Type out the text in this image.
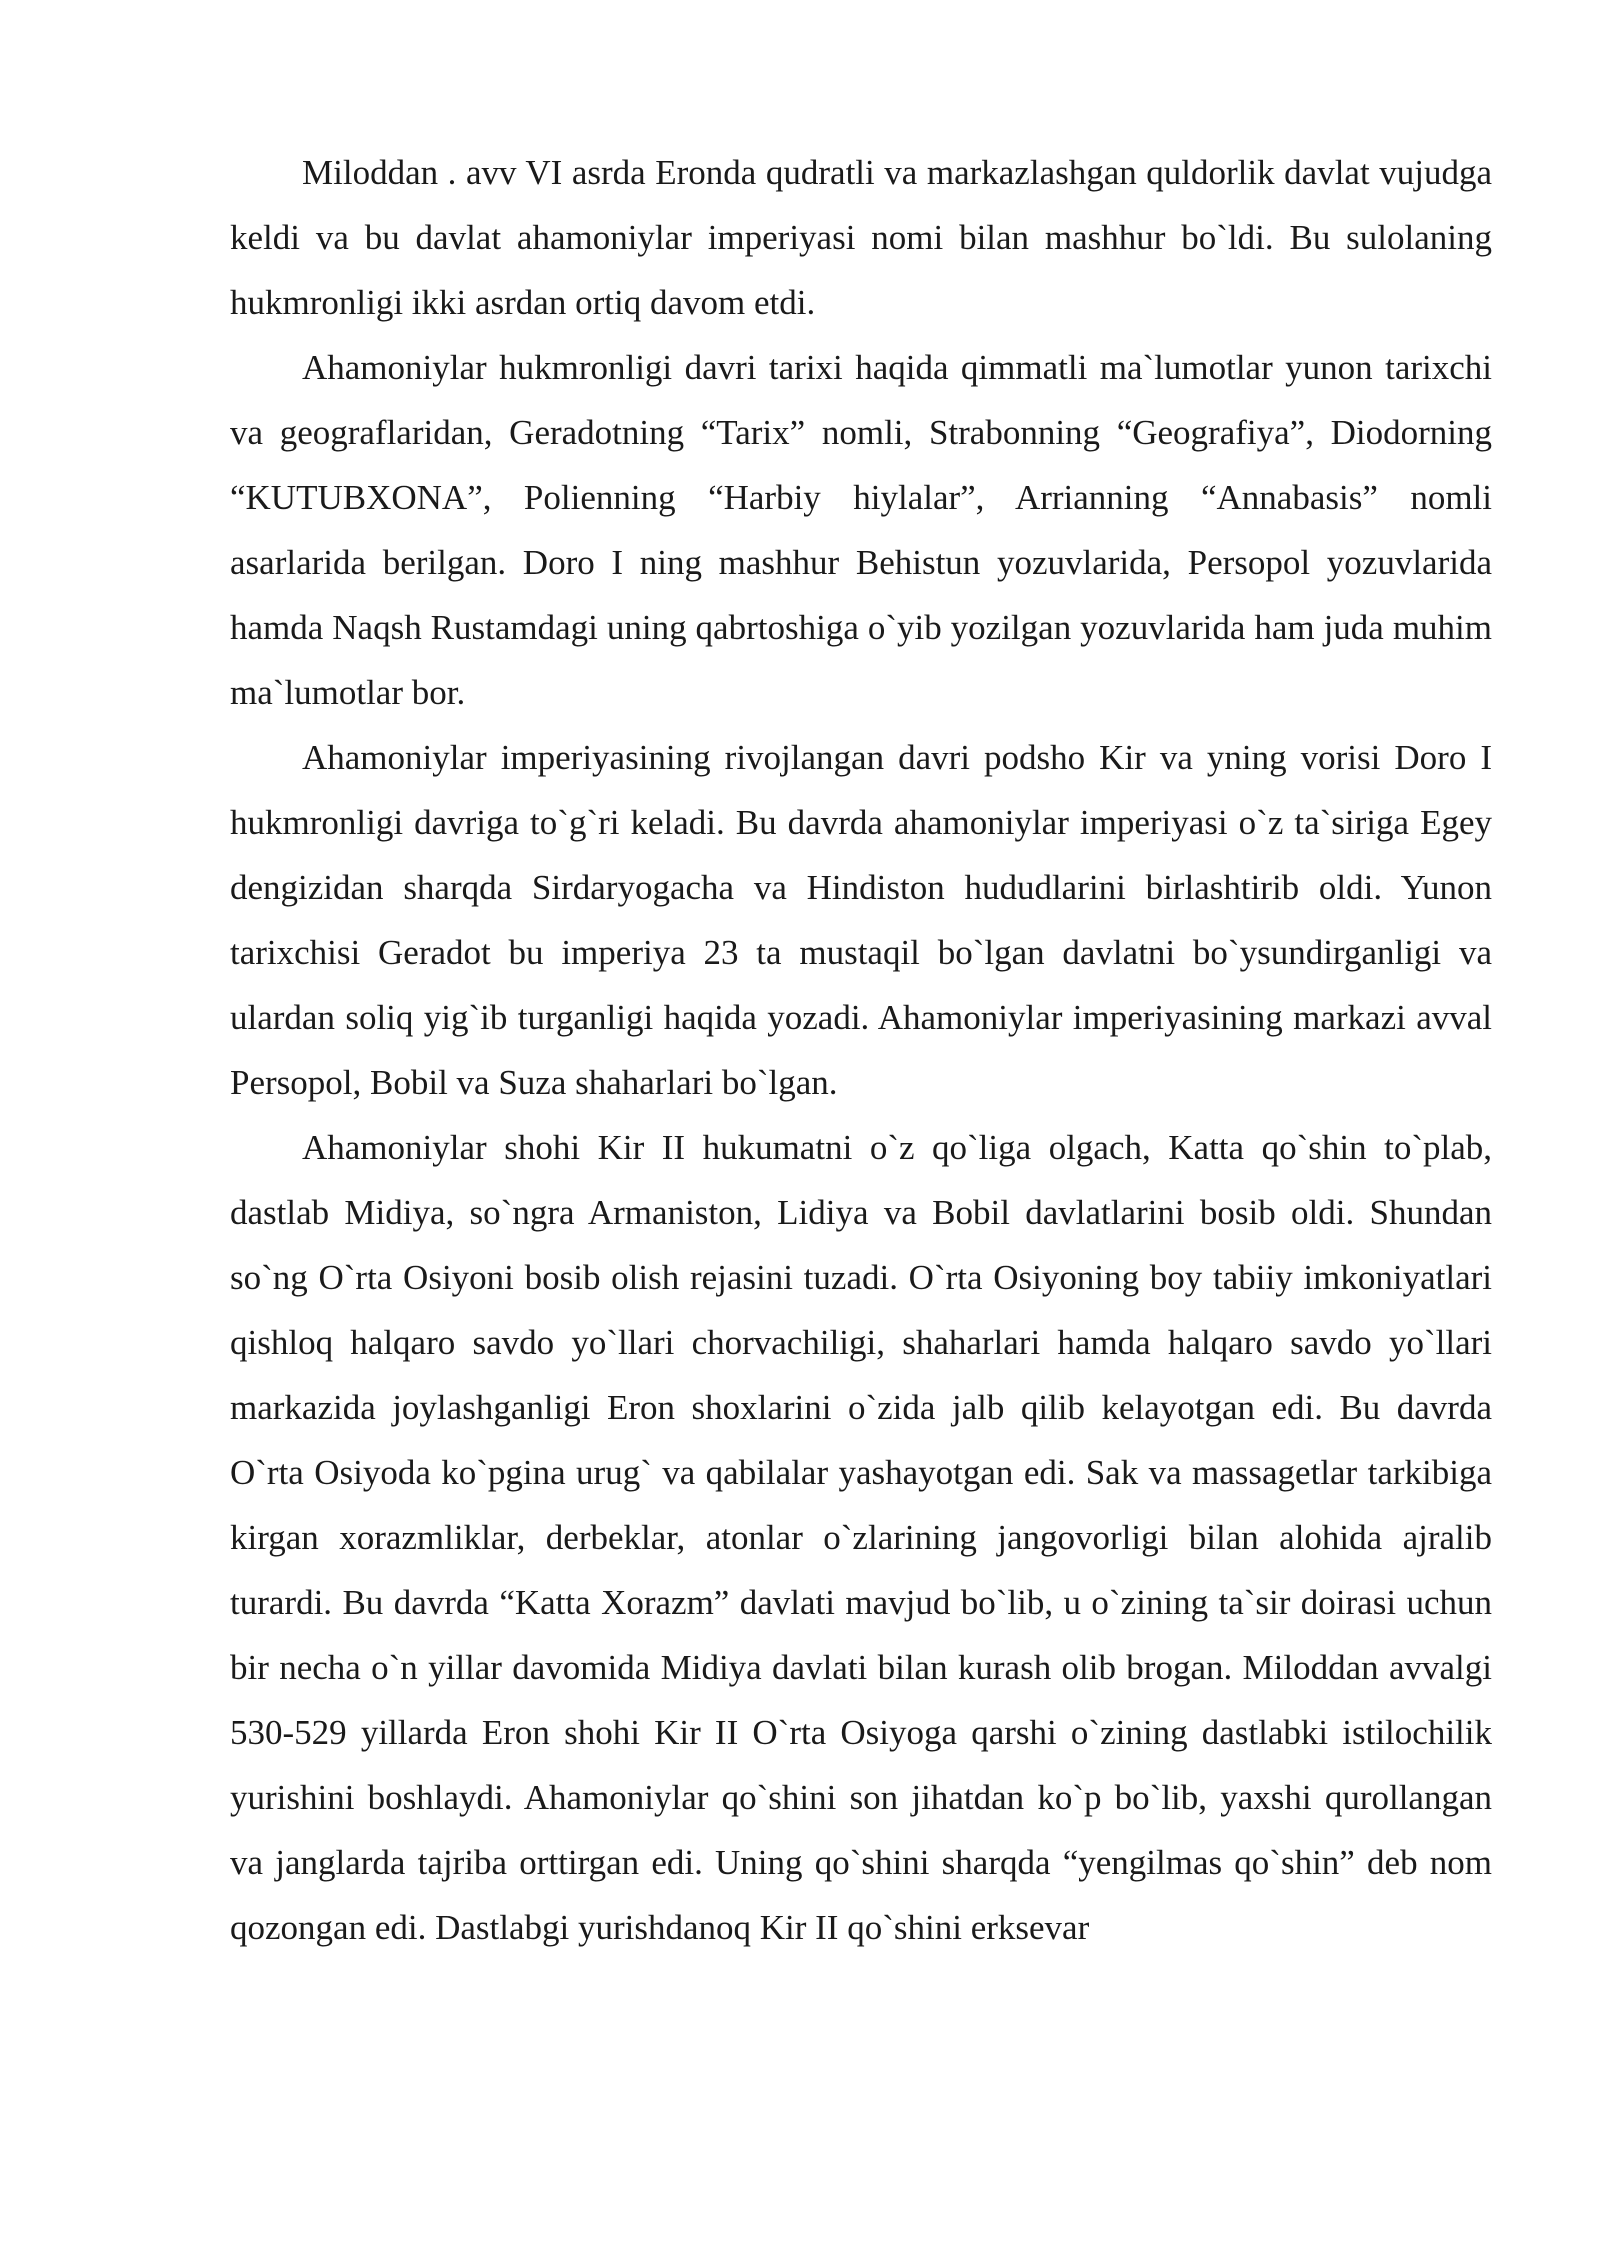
Miloddan . avv VI asrda Eronda qudratli va markazlashgan quldorlik davlat vujudga keldi va bu davlat ahamoniylar imperiyasi nomi bilan mashhur bo`ldi. Bu sulolaning hukmronligi ikki asrdan ortiq davom etdi.

Ahamoniylar hukmronligi davri tarixi haqida qimmatli ma`lumotlar yunon tarixchi va geograflaridan, Geradotning “Tarix” nomli, Strabonning “Geografiya”, Diodorning “KUTUBXONA”, Polienning “Harbiy hiylalar”, Arrianning “Annabasis” nomli asarlarida berilgan. Doro I ning mashhur Behistun yozuvlarida, Persopol yozuvlarida hamda Naqsh Rustamdagi uning qabrtoshiga o`yib yozilgan yozuvlarida ham juda muhim ma`lumotlar bor.

Ahamoniylar imperiyasining rivojlangan davri podsho Kir va yning vorisi Doro I hukmronligi davriga to`g`ri keladi. Bu davrda ahamoniylar imperiyasi o`z ta`siriga Egey dengizidan sharqda Sirdaryogacha va Hindiston hududlarini birlashtirib oldi. Yunon tarixchisi Geradot bu imperiya 23 ta mustaqil bo`lgan davlatni bo`ysundirganligi va ulardan soliq yig`ib turganligi haqida yozadi. Ahamoniylar imperiyasining markazi avval Persopol, Bobil va Suza shaharlari bo`lgan.

Ahamoniylar shohi Kir II hukumatni o`z qo`liga olgach, Katta qo`shin to`plab, dastlab Midiya, so`ngra Armaniston, Lidiya va Bobil davlatlarini bosib oldi. Shundan so`ng O`rta Osiyoni bosib olish rejasini tuzadi. O`rta Osiyoning boy tabiiy imkoniyatlari qishloq halqaro savdo yo`llari chorvachiligi, shaharlari hamda halqaro savdo yo`llari markazida joylashganligi Eron shoxlarini o`zida jalb qilib kelayotgan edi. Bu davrda O`rta Osiyoda ko`pgina urug` va qabilalar yashayotgan edi. Sak va massagetlar tarkibiga kirgan xorazmliklar, derbeklar, atonlar o`zlarining jangovorligi bilan alohida ajralib turardi. Bu davrda “Katta Xorazm” davlati mavjud bo`lib, u o`zining ta`sir doirasi uchun bir necha o`n yillar davomida Midiya davlati bilan kurash olib brogan. Miloddan avvalgi 530-529 yillarda Eron shohi Kir II O`rta Osiyoga qarshi o`zining dastlabki istilochilik yurishini boshlaydi. Ahamoniylar qo`shini son jihatdan ko`p bo`lib, yaxshi qurollangan va janglarda tajriba orttirgan edi. Uning qo`shini sharqda “yengilmas qo`shin” deb nom qozongan edi. Dastlabgi yurishdanoq Kir II qo`shini erksevar
